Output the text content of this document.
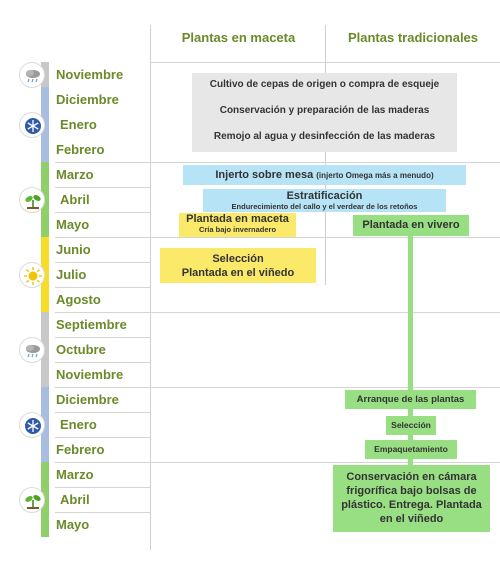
Plantas en maceta	Plantas tradicionales
Noviembre
Diciembre
Enero
Febrero
Marzo
Abril
Mayo
Junio
Julio
Agosto
Septiembre
Octubre
Noviembre
Diciembre
Enero
Febrero
Marzo
Abril
Mayo
Cultivo de cepas de origen o compra de esqueje
Conservación y preparación de las maderas
Remojo al agua y desinfección de las maderas
Injerto sobre mesa (injerto Omega más a menudo)
Estratificación
Endurecimiento del callo y el verdear de los retoños
Plantada en maceta
Cría bajo invernadero	Plantada en vivero
Selección
Plantada en el viñedo
Arranque de las plantas
Selección
Empaquetamiento
Conservación en cámara frigorífica bajo bolsas de plástico. Entrega. Plantada en el viñedo
